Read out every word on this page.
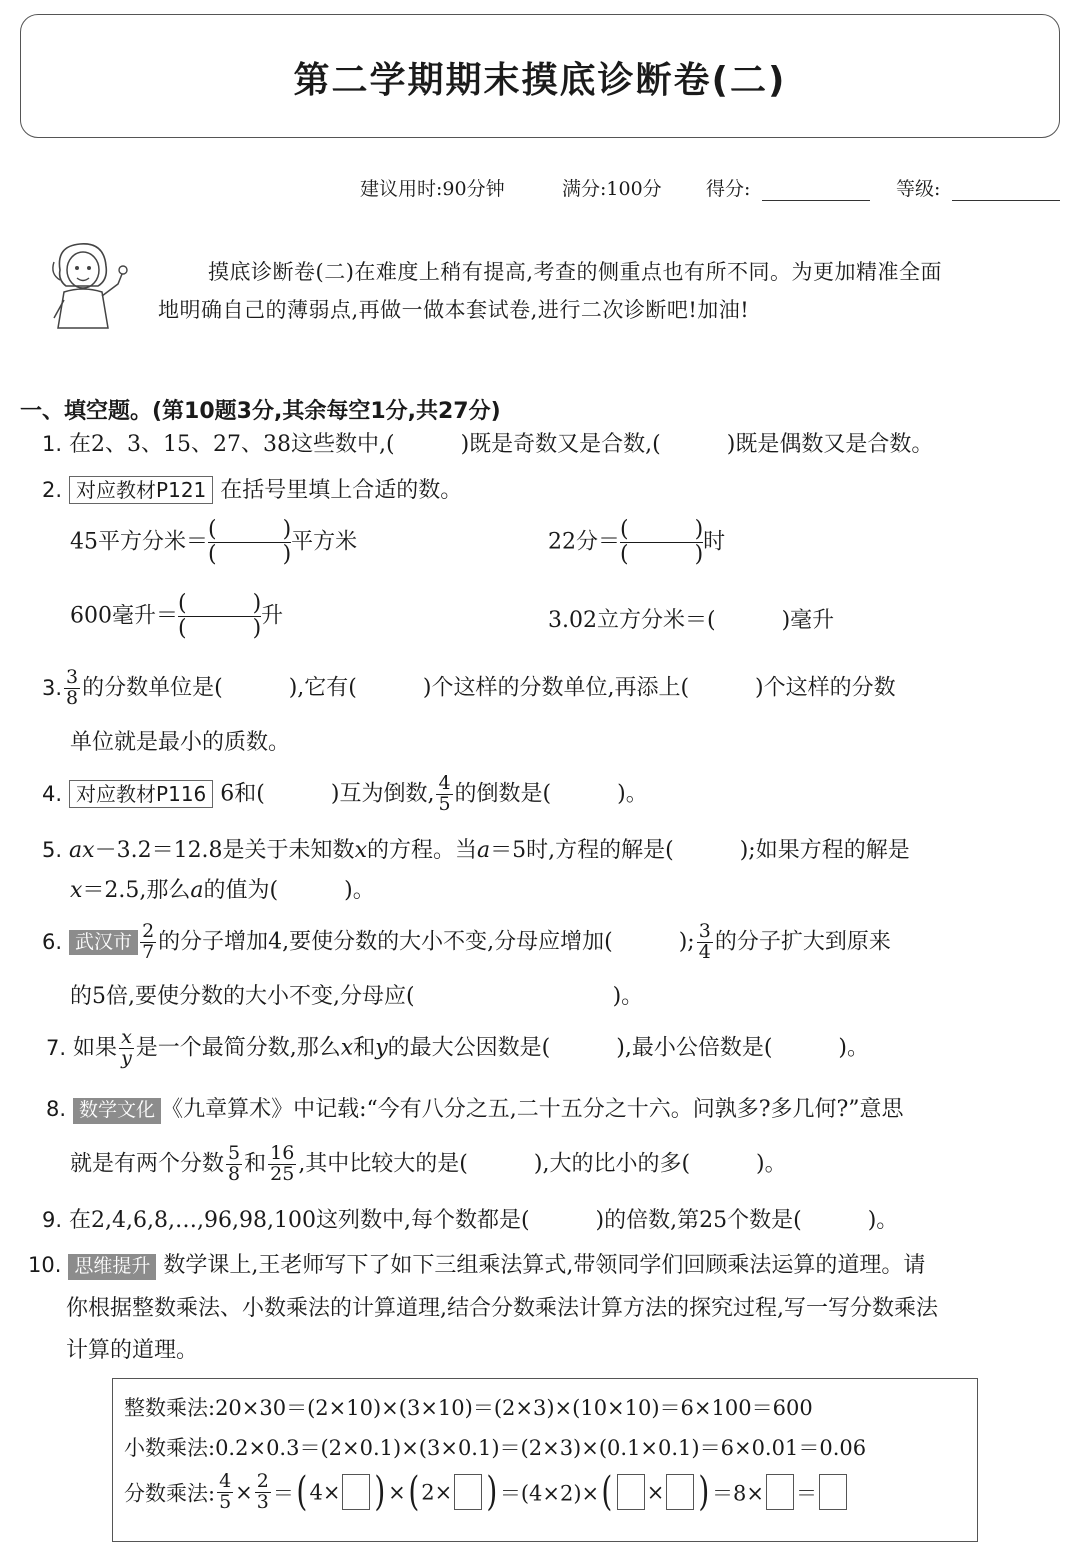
第二学期期末摸底诊断卷(二)
建议用时:90分钟	满分:100分 得分:	等级:
摸底诊断卷(二)在难度上稍有提高,考查的侧重点也有所不同。为更加精准全面
地明确自己的薄弱点,再做一做本套试卷,进行二次诊断吧!加油!
一、填空题。(第10题3分,其余每空1分,共27分)
1. 在2、3、15、27、38这些数中,(　　　)既是奇数又是合数,(　　　)既是偶数又是合数。
2. 对应教材P121 在括号里填上合适的数。
45平方分米＝
(　　　)
(　　　) 平方米	22分＝
(　　　)
(　　　) 时
600毫升＝
(　　　)
(　　　) 升	3.02立方分米＝(　　　)毫升
3. $\frac{3}{8}$ 的分数单位是(　　　),它有(　　　)个这样的分数单位,再添上(　　　)个这样的分数
单位就是最小的质数。
4. 对应教材P116 6和(　　　)互为倒数, $\frac{4}{5}$ 的倒数是(　　　)。
5. ax－3.2＝12.8是关于未知数x的方程。当a＝5时,方程的解是(　　　);如果方程的解是
x＝2.5,那么a的值为(　　　)。
6. 武汉市 $\frac{2}{7}$ 的分子增加4,要使分数的大小不变,分母应增加(　　　); $\frac{3}{4}$ 的分子扩大到原来
的5倍,要使分数的大小不变,分母应(　　　　　　　　　)。
7. 如果 $\frac{x}{y}$ 是一个最简分数,那么x和y的最大公因数是(　　　),最小公倍数是(　　　)。
8. 数学文化 《九章算术》中记载:“今有八分之五,二十五分之十六。问孰多?多几何?”意思
就是有两个分数 $\frac{5}{8}$ 和 $\frac{16}{25}$ ,其中比较大的是(　　　),大的比小的多(　　　)。
9. 在2,4,6,8,…,96,98,100这列数中,每个数都是(　　　)的倍数,第25个数是(　　　)。
10. 思维提升 数学课上,王老师写下了如下三组乘法算式,带领同学们回顾乘法运算的道理。请
你根据整数乘法、小数乘法的计算道理,结合分数乘法计算方法的探究过程,写一写分数乘法
计算的道理。
整数乘法:20×30＝(2×10)×(3×10)＝(2×3)×(10×10)＝6×100＝600
小数乘法:0.2×0.3＝(2×0.1)×(3×0.1)＝(2×3)×(0.1×0.1)＝6×0.01＝0.06
分数乘法: $\frac{4}{5} \times \frac{2}{3}$ ＝( 4× ) ×( 2× ) ＝(4×2)×( × ) ＝8× ＝
